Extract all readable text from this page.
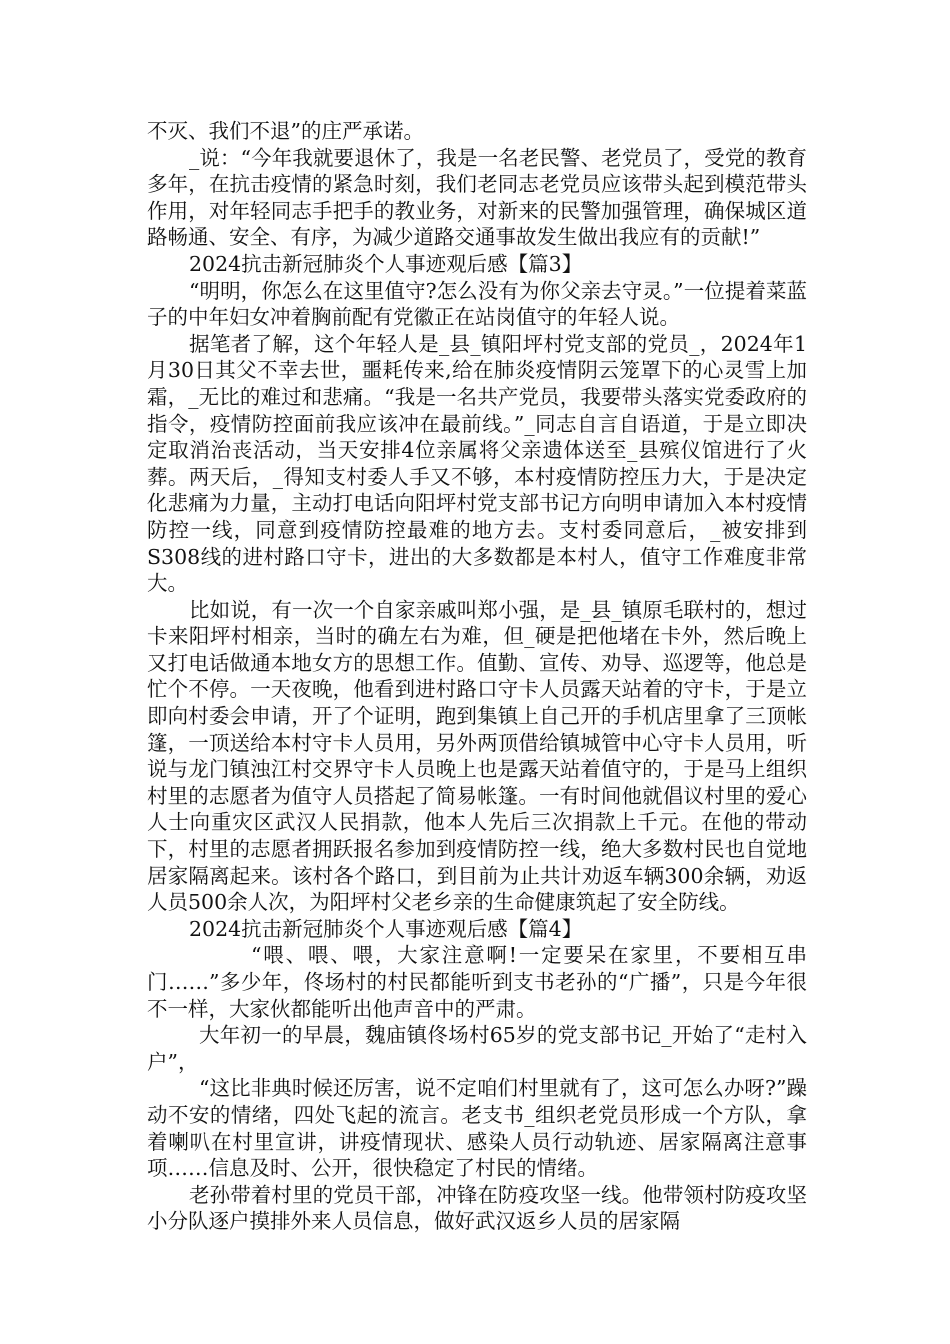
不灭、我们不退”的庄严承诺。

_说：“今年我就要退休了，我是一名老民警、老党员了，受党的教育多年，在抗击疫情的紧急时刻，我们老同志老党员应该带头起到模范带头作用，对年轻同志手把手的教业务，对新来的民警加强管理，确保城区道路畅通、安全、有序，为减少道路交通事故发生做出我应有的贡献!”

2024抗击新冠肺炎个人事迹观后感【篇3】

“明明，你怎么在这里值守?怎么没有为你父亲去守灵。”一位提着菜蓝子的中年妇女冲着胸前配有党徽正在站岗值守的年轻人说。

据笔者了解，这个年轻人是_县_镇阳坪村党支部的党员_，2024年1月30日其父不幸去世，噩耗传来,给在肺炎疫情阴云笼罩下的心灵雪上加霜，_无比的难过和悲痛。“我是一名共产党员，我要带头落实党委政府的指令，疫情防控面前我应该冲在最前线。”_同志自言自语道，于是立即决定取消治丧活动，当天安排4位亲属将父亲遗体送至_县殡仪馆进行了火葬。两天后，_得知支村委人手又不够，本村疫情防控压力大，于是决定化悲痛为力量，主动打电话向阳坪村党支部书记方向明申请加入本村疫情防控一线，同意到疫情防控最难的地方去。支村委同意后，_被安排到S308线的进村路口守卡，进出的大多数都是本村人，值守工作难度非常大。

比如说，有一次一个自家亲戚叫郑小强，是_县_镇原毛联村的，想过卡来阳坪村相亲，当时的确左右为难，但_硬是把他堵在卡外，然后晚上又打电话做通本地女方的思想工作。值勤、宣传、劝导、巡逻等，他总是忙个不停。一天夜晚，他看到进村路口守卡人员露天站着的守卡，于是立即向村委会申请，开了个证明，跑到集镇上自己开的手机店里拿了三顶帐篷，一顶送给本村守卡人员用，另外两顶借给镇城管中心守卡人员用，听说与龙门镇浊江村交界守卡人员晚上也是露天站着值守的，于是马上组织村里的志愿者为值守人员搭起了简易帐篷。一有时间他就倡议村里的爱心人士向重灾区武汉人民捐款，他本人先后三次捐款上千元。在他的带动下，村里的志愿者拥跃报名参加到疫情防控一线，绝大多数村民也自觉地居家隔离起来。该村各个路口，到目前为止共计劝返车辆300余辆，劝返人员500余人次，为阳坪村父老乡亲的生命健康筑起了安全防线。

2024抗击新冠肺炎个人事迹观后感【篇4】

“喂、喂、喂，大家注意啊!一定要呆在家里，不要相互串门……”多少年，佟场村的村民都能听到支书老孙的“广播”，只是今年很不一样，大家伙都能听出他声音中的严肃。

大年初一的早晨，魏庙镇佟场村65岁的党支部书记_开始了“走村入户”，

“这比非典时候还厉害，说不定咱们村里就有了，这可怎么办呀?”躁动不安的情绪，四处飞起的流言。老支书_组织老党员形成一个方队，拿着喇叭在村里宣讲，讲疫情现状、感染人员行动轨迹、居家隔离注意事项……信息及时、公开，很快稳定了村民的情绪。

老孙带着村里的党员干部，冲锋在防疫攻坚一线。他带领村防疫攻坚小分队逐户摸排外来人员信息，做好武汉返乡人员的居家隔
